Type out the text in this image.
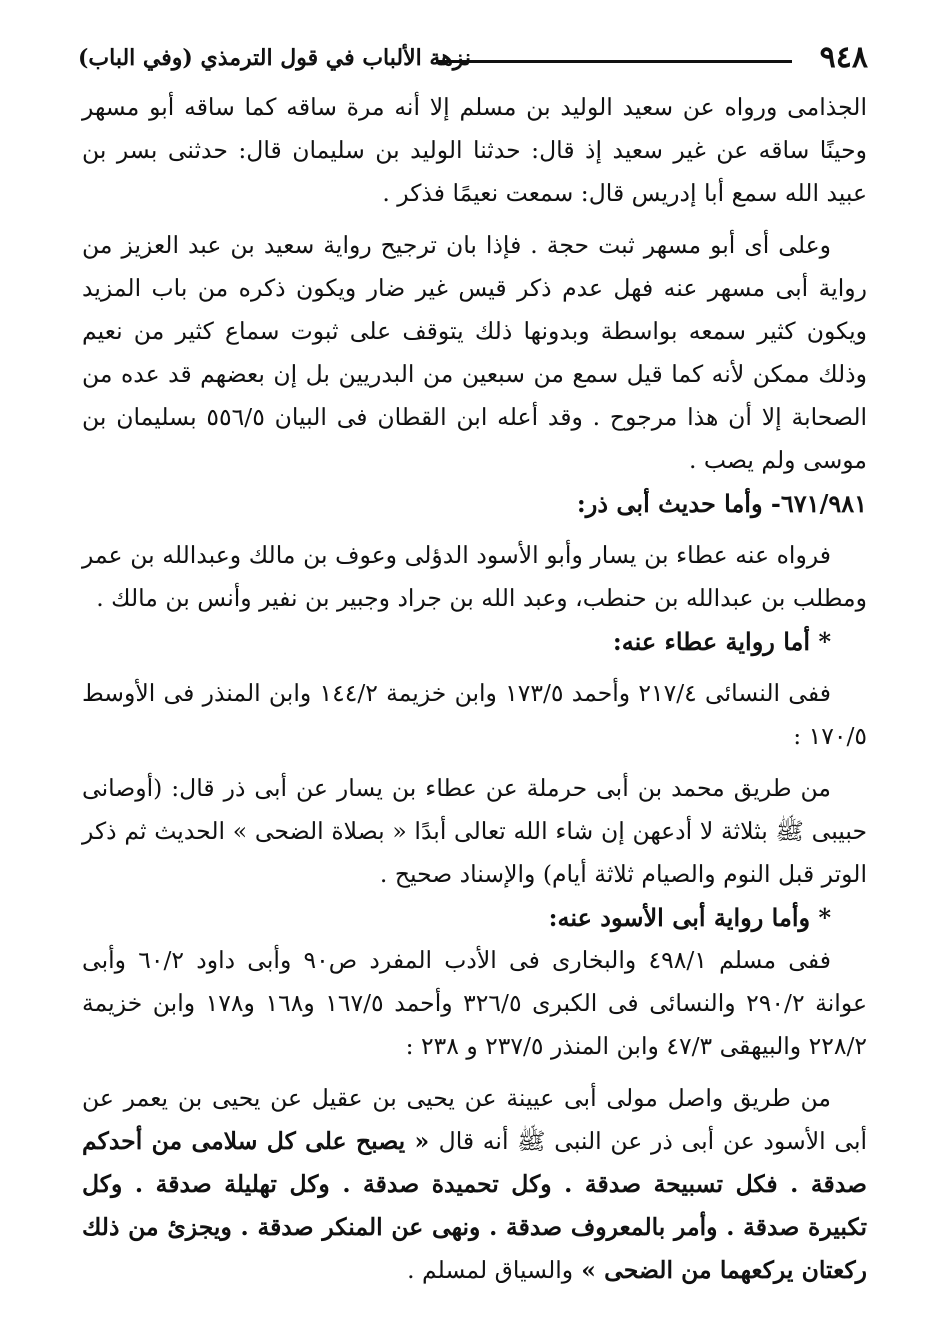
٩٤٨
نزهة الألباب في قول الترمذي (وفي الباب)

الجذامى ورواه عن سعيد الوليد بن مسلم إلا أنه مرة ساقه كما ساقه أبو مسهر وحينًا ساقه عن غير سعيد إذ قال: حدثنا الوليد بن سليمان قال: حدثنى بسر بن عبيد الله سمع أبا إدريس قال: سمعت نعيمًا فذكر .

وعلى أى أبو مسهر ثبت حجة . فإذا بان ترجيح رواية سعيد بن عبد العزيز من رواية أبى مسهر عنه فهل عدم ذكر قيس غير ضار ويكون ذكره من باب المزيد ويكون كثير سمعه بواسطة وبدونها ذلك يتوقف على ثبوت سماع كثير من نعيم وذلك ممكن لأنه كما قيل سمع من سبعين من البدريين بل إن بعضهم قد عده من الصحابة إلا أن هذا مرجوح . وقد أعله ابن القطان فى البيان ٥٥٦/٥ بسليمان بن موسى ولم يصب .

٦٧١/٩٨١- وأما حديث أبى ذر:

فرواه عنه عطاء بن يسار وأبو الأسود الدؤلى وعوف بن مالك وعبدالله بن عمر ومطلب بن عبدالله بن حنطب، وعبد الله بن جراد وجبير بن نفير وأنس بن مالك .

* أما رواية عطاء عنه:

ففى النسائى ٢١٧/٤ وأحمد ١٧٣/٥ وابن خزيمة ١٤٤/٢ وابن المنذر فى الأوسط ١٧٠/٥ :

من طريق محمد بن أبى حرملة عن عطاء بن يسار عن أبى ذر قال: (أوصانى حبيبى ﷺ بثلاثة لا أدعهن إن شاء الله تعالى أبدًا « بصلاة الضحى » الحديث ثم ذكر الوتر قبل النوم والصيام ثلاثة أيام) والإسناد صحيح .

* وأما رواية أبى الأسود عنه:

ففى مسلم ٤٩٨/١ والبخارى فى الأدب المفرد ص٩٠ وأبى داود ٦٠/٢ وأبى عوانة ٢٩٠/٢ والنسائى فى الكبرى ٣٢٦/٥ وأحمد ١٦٧/٥ و١٦٨ و١٧٨ وابن خزيمة ٢٢٨/٢ والبيهقى ٤٧/٣ وابن المنذر ٢٣٧/٥ و ٢٣٨ :

من طريق واصل مولى أبى عيينة عن يحيى بن عقيل عن يحيى بن يعمر عن أبى الأسود عن أبى ذر عن النبى ﷺ أنه قال « يصبح على كل سلامى من أحدكم صدقة . فكل تسبيحة صدقة . وكل تحميدة صدقة . وكل تهليلة صدقة . وكل تكبيرة صدقة . وأمر بالمعروف صدقة . ونهى عن المنكر صدقة . ويجزئ من ذلك ركعتان يركعهما من الضحى » والسياق لمسلم .
